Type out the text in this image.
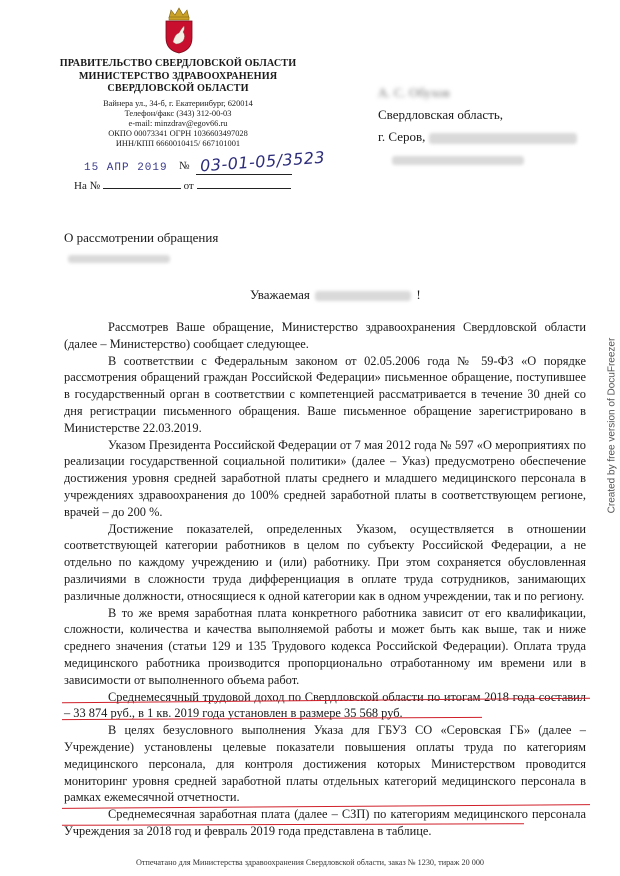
ПРАВИТЕЛЬСТВО СВЕРДЛОВСКОЙ ОБЛАСТИ
МИНИСТЕРСТВО ЗДРАВООХРАНЕНИЯ
СВЕРДЛОВСКОЙ ОБЛАСТИ
Вайнера ул., 34-б, г. Екатеринбург, 620014
Телефон/факс (343) 312-00-03
e-mail: minzdrav@egov66.ru
ОКПО 00073341 ОГРН 1036603497028
ИНН/КПП 6660010415/ 667101001
15 АПР 2019 № 03-01-05/3523
На №	от
А. С. Обухов
Свердловская область,
г. Серов,
О рассмотрении обращения
Уважаемая	!

Рассмотрев Ваше обращение, Министерство здравоохранения Свердловской области (далее – Министерство) сообщает следующее.

В соответствии с Федеральным законом от 02.05.2006 года № 59-ФЗ «О порядке рассмотрения обращений граждан Российской Федерации» письменное обращение, поступившее в государственный орган в соответствии с компетенцией рассматривается в течение 30 дней со дня регистрации письменного обращения. Ваше письменное обращение зарегистрировано в Министерстве 22.03.2019.

Указом Президента Российской Федерации от 7 мая 2012 года № 597 «О мероприятиях по реализации государственной социальной политики» (далее – Указ) предусмотрено обеспечение достижения уровня средней заработной платы среднего и младшего медицинского персонала в учреждениях здравоохранения до 100% средней заработной платы в соответствующем регионе, врачей – до 200 %.

Достижение показателей, определенных Указом, осуществляется в отношении соответствующей категории работников в целом по субъекту Российской Федерации, а не отдельно по каждому учреждению и (или) работнику. При этом сохраняется обусловленная различиями в сложности труда дифференциация в оплате труда сотрудников, занимающих различные должности, относящиеся к одной категории как в одном учреждении, так и по региону.

В то же время заработная плата конкретного работника зависит от его квалификации, сложности, количества и качества выполняемой работы и может быть как выше, так и ниже среднего значения (статьи 129 и 135 Трудового кодекса Российской Федерации). Оплата труда медицинского работника производится пропорционально отработанному им времени или в зависимости от выполненного объема работ.

Среднемесячный трудовой доход по Свердловской области по итогам 2018 года составил – 33 874 руб., в 1 кв. 2019 года установлен в размере 35 568 руб.

В целях безусловного выполнения Указа для ГБУЗ СО «Серовская ГБ» (далее – Учреждение) установлены целевые показатели повышения оплаты труда по категориям медицинского персонала, для контроля достижения которых Министерством проводится мониторинг уровня средней заработной платы отдельных категорий медицинского персонала в рамках ежемесячной отчетности.

Среднемесячная заработная плата (далее – СЗП) по категориям медицинского персонала Учреждения за 2018 год и февраль 2019 года представлена в таблице.

Отпечатано для Министерства здравоохранения Свердловской области, заказ № 1230, тираж 20 000
Created by free version of DocuFreezer
